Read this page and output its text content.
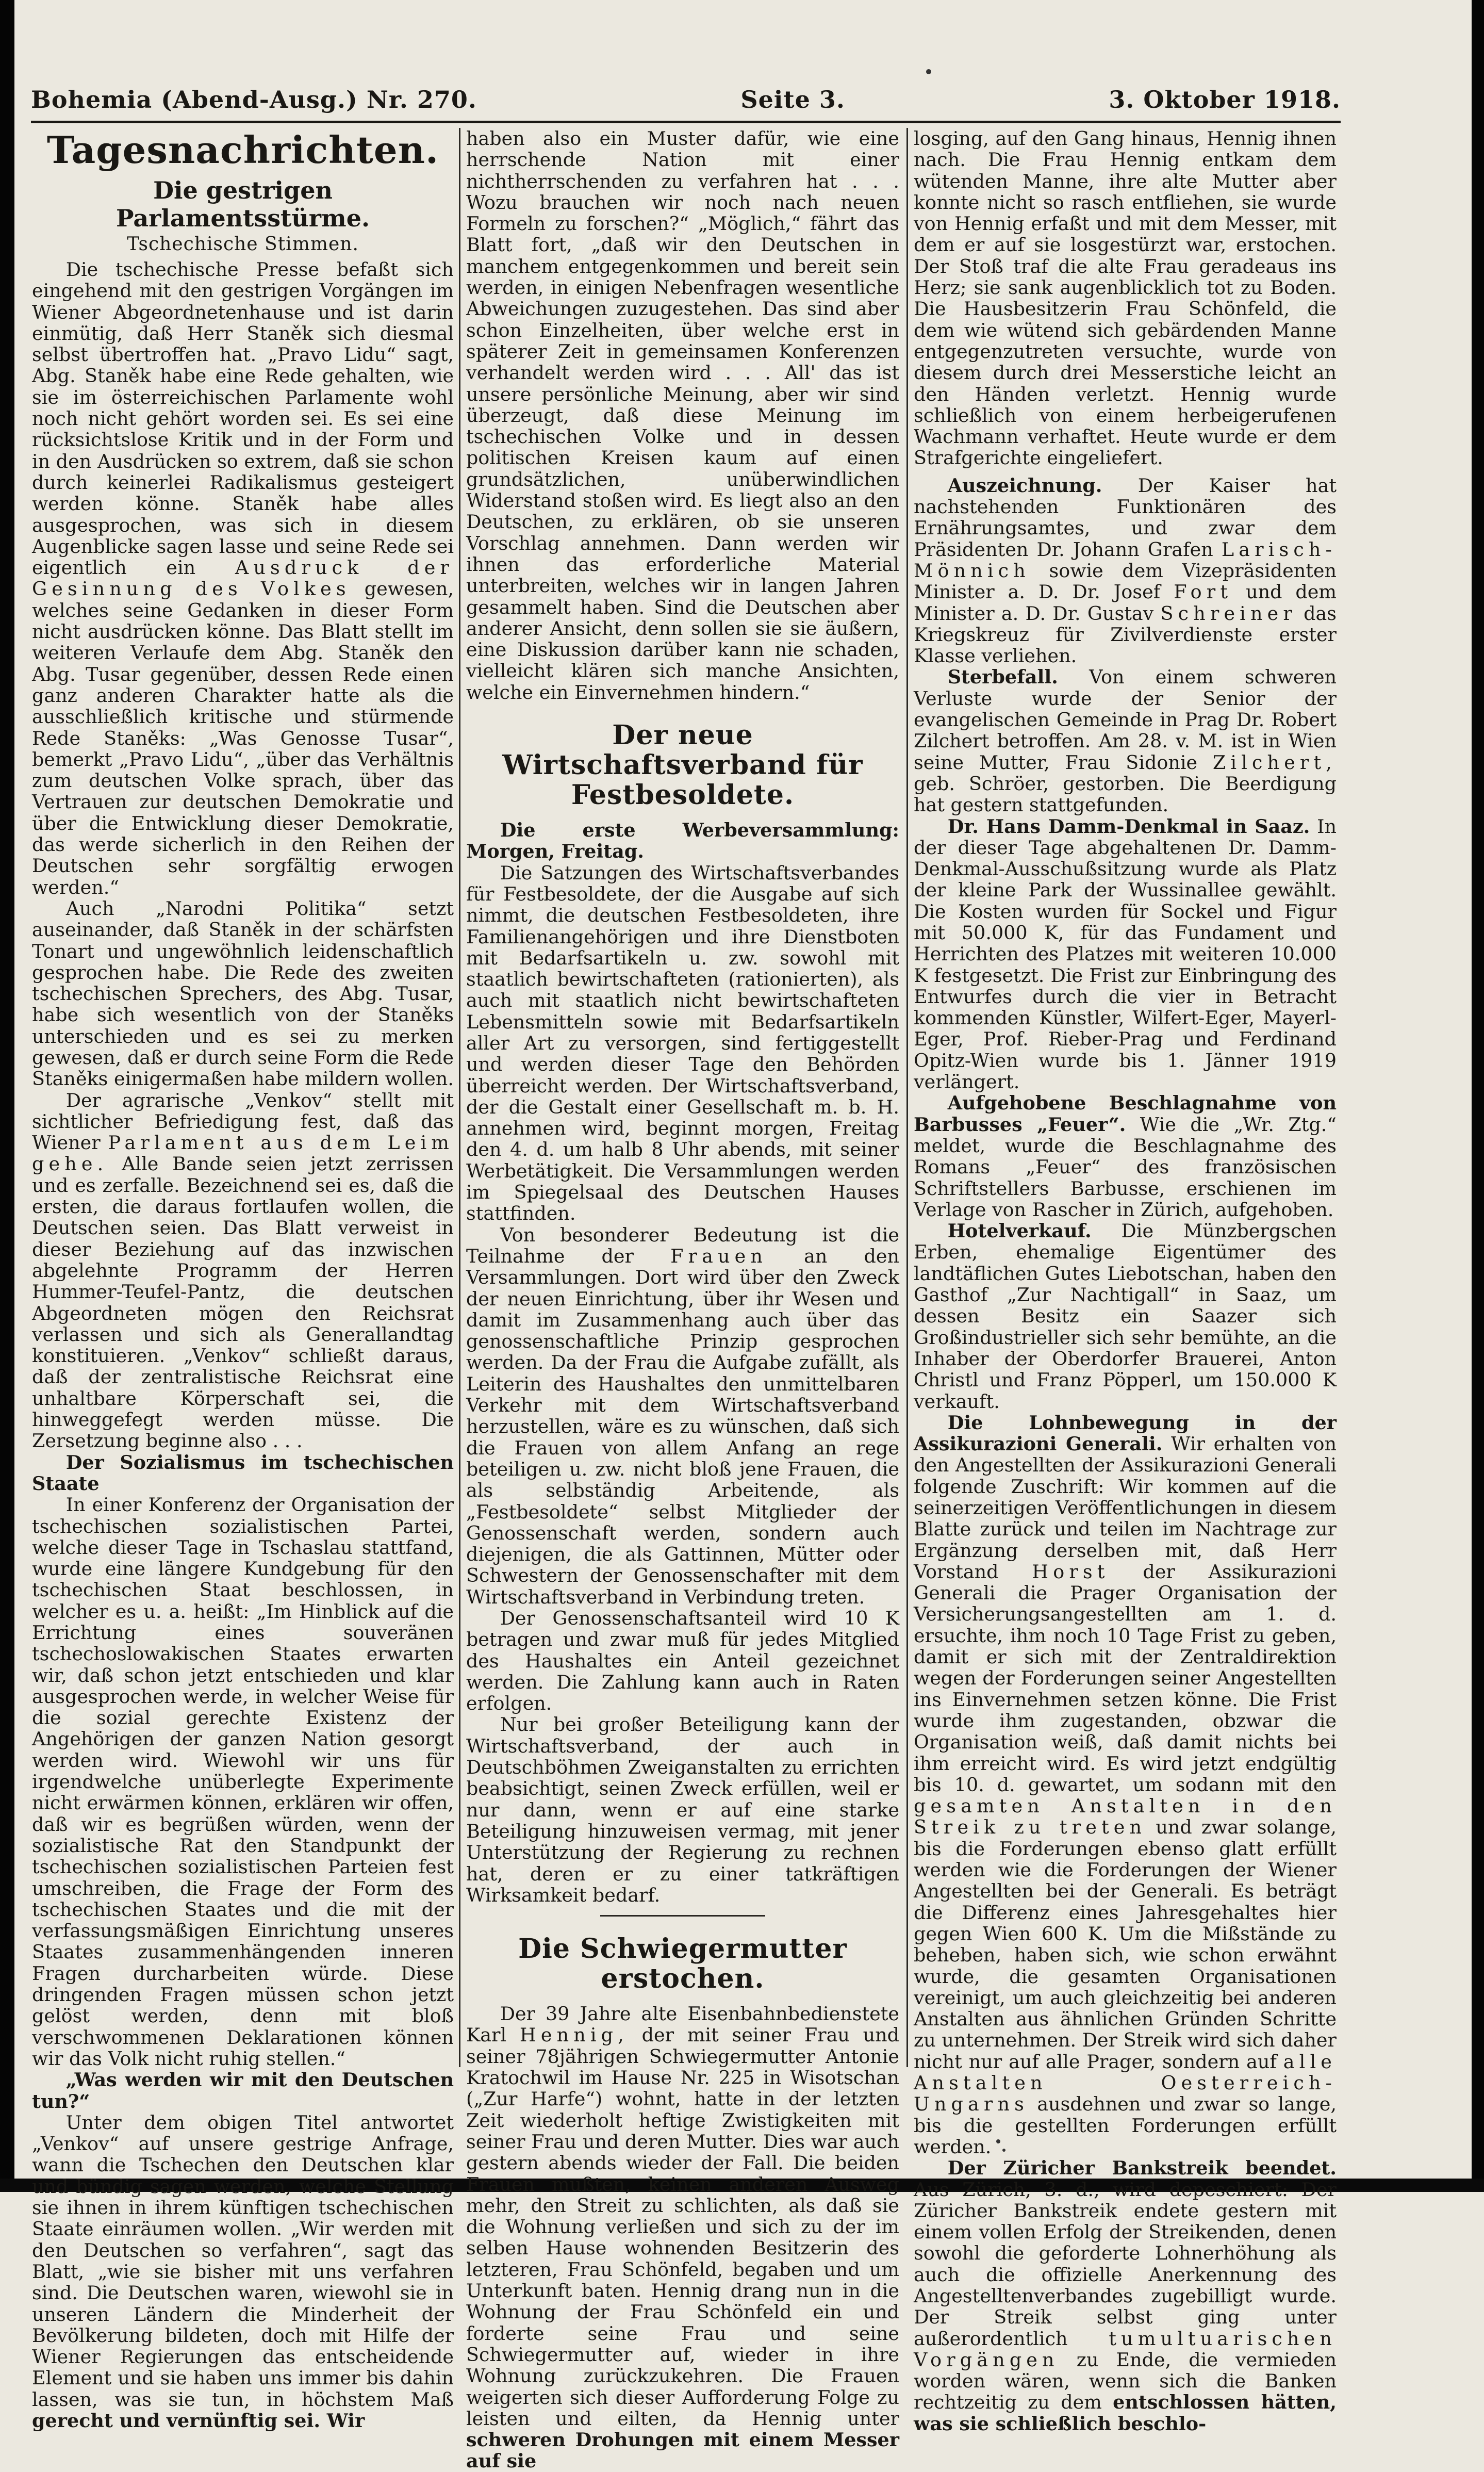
Bohemia (Abend-Ausg.) Nr. 270.	Seite 3.	3. Oktober 1918.
Tagesnachrichten.
Die gestrigen Parlamentsstürme.
Tschechische Stimmen.

Die tschechische Presse befaßt sich eingehend mit den gestrigen Vorgängen im Wiener Abgeordnetenhause und ist darin einmütig, daß Herr Staněk sich diesmal selbst übertroffen hat. „Pravo Lidu“ sagt, Abg. Staněk habe eine Rede gehalten, wie sie im österreichischen Parlamente wohl noch nicht gehört worden sei. Es sei eine rücksichtslose Kritik und in der Form und in den Ausdrücken so extrem, daß sie schon durch keinerlei Radikalismus gesteigert werden könne. Staněk habe alles ausgesprochen, was sich in diesem Augenblicke sagen lasse und seine Rede sei eigentlich ein Ausdruck der Gesinnung des Volkes gewesen, welches seine Gedanken in dieser Form nicht ausdrücken könne. Das Blatt stellt im weiteren Verlaufe dem Abg. Staněk den Abg. Tusar gegenüber, dessen Rede einen ganz anderen Charakter hatte als die ausschließlich kritische und stürmende Rede Staněks: „Was Genosse Tusar“, bemerkt „Pravo Lidu“, „über das Verhältnis zum deutschen Volke sprach, über das Vertrauen zur deutschen Demokratie und über die Entwicklung dieser Demokratie, das werde sicherlich in den Reihen der Deutschen sehr sorgfältig erwogen werden.“

Auch „Narodni Politika“ setzt auseinander, daß Staněk in der schärfsten Tonart und ungewöhnlich leidenschaftlich gesprochen habe. Die Rede des zweiten tschechischen Sprechers, des Abg. Tusar, habe sich wesentlich von der Staněks unterschieden und es sei zu merken gewesen, daß er durch seine Form die Rede Staněks einigermaßen habe mildern wollen.

Der agrarische „Venkov“ stellt mit sichtlicher Befriedigung fest, daß das Wiener Parlament aus dem Leim gehe. Alle Bande seien jetzt zerrissen und es zerfalle. Bezeichnend sei es, daß die ersten, die daraus fortlaufen wollen, die Deutschen seien. Das Blatt verweist in dieser Beziehung auf das inzwischen abgelehnte Programm der Herren Hummer-Teufel-Pantz, die deutschen Abgeordneten mögen den Reichsrat verlassen und sich als Generallandtag konstituieren. „Venkov“ schließt daraus, daß der zentralistische Reichsrat eine unhaltbare Körperschaft sei, die hinweggefegt werden müsse. Die Zersetzung beginne also . . .

Der Sozialismus im tschechischen Staate

In einer Konferenz der Organisation der tschechischen sozialistischen Partei, welche dieser Tage in Tschaslau stattfand, wurde eine längere Kundgebung für den tschechischen Staat beschlossen, in welcher es u. a. heißt: „Im Hinblick auf die Errichtung eines souveränen tschechoslowakischen Staates erwarten wir, daß schon jetzt entschieden und klar ausgesprochen werde, in welcher Weise für die sozial gerechte Existenz der Angehörigen der ganzen Nation gesorgt werden wird. Wiewohl wir uns für irgendwelche unüberlegte Experimente nicht erwärmen können, erklären wir offen, daß wir es begrüßen würden, wenn der sozialistische Rat den Standpunkt der tschechischen sozialistischen Parteien fest umschreiben, die Frage der Form des tschechischen Staates und die mit der verfassungsmäßigen Einrichtung unseres Staates zusammenhängenden inneren Fragen durcharbeiten würde. Diese dringenden Fragen müssen schon jetzt gelöst werden, denn mit bloß verschwommenen Deklarationen können wir das Volk nicht ruhig stellen.“

„Was werden wir mit den Deutschen tun?“

Unter dem obigen Titel antwortet „Venkov“ auf unsere gestrige Anfrage, wann die Tschechen den Deutschen klar und bündig sagen werden, welche Stellung sie ihnen in ihrem künftigen tschechischen Staate einräumen wollen. „Wir werden mit den Deutschen so verfahren“, sagt das Blatt, „wie sie bisher mit uns verfahren sind. Die Deutschen waren, wiewohl sie in unseren Ländern die Minderheit der Bevölkerung bildeten, doch mit Hilfe der Wiener Regierungen das entscheidende Element und sie haben uns immer bis dahin lassen, was sie tun, in höchstem Maß gerecht und vernünftig sei. Wir

haben also ein Muster dafür, wie eine herrschende Nation mit einer nichtherrschenden zu verfahren hat . . . Wozu brauchen wir noch nach neuen Formeln zu forschen?“ „Möglich,“ fährt das Blatt fort, „daß wir den Deutschen in manchem entgegenkommen und bereit sein werden, in einigen Nebenfragen wesentliche Abweichungen zuzugestehen. Das sind aber schon Einzelheiten, über welche erst in späterer Zeit in gemeinsamen Konferenzen verhandelt werden wird . . . All' das ist unsere persönliche Meinung, aber wir sind überzeugt, daß diese Meinung im tschechischen Volke und in dessen politischen Kreisen kaum auf einen grundsätzlichen, unüberwindlichen Widerstand stoßen wird. Es liegt also an den Deutschen, zu erklären, ob sie unseren Vorschlag annehmen. Dann werden wir ihnen das erforderliche Material unterbreiten, welches wir in langen Jahren gesammelt haben. Sind die Deutschen aber anderer Ansicht, denn sollen sie sie äußern, eine Diskussion darüber kann nie schaden, vielleicht klären sich manche Ansichten, welche ein Einvernehmen hindern.“

Der neue Wirtschaftsverband für Festbesoldete.

Die erste Werbeversammlung: Morgen, Freitag.

Die Satzungen des Wirtschaftsverbandes für Festbesoldete, der die Ausgabe auf sich nimmt, die deutschen Festbesoldeten, ihre Familienangehörigen und ihre Dienstboten mit Bedarfsartikeln u. zw. sowohl mit staatlich bewirtschafteten (rationierten), als auch mit staatlich nicht bewirtschafteten Lebensmitteln sowie mit Bedarfsartikeln aller Art zu versorgen, sind fertiggestellt und werden dieser Tage den Behörden überreicht werden. Der Wirtschaftsverband, der die Gestalt einer Gesellschaft m. b. H. annehmen wird, beginnt morgen, Freitag den 4. d. um halb 8 Uhr abends, mit seiner Werbetätigkeit. Die Versammlungen werden im Spiegelsaal des Deutschen Hauses stattfinden.

Von besonderer Bedeutung ist die Teilnahme der Frauen an den Versammlungen. Dort wird über den Zweck der neuen Einrichtung, über ihr Wesen und damit im Zusammenhang auch über das genossenschaftliche Prinzip gesprochen werden. Da der Frau die Aufgabe zufällt, als Leiterin des Haushaltes den unmittelbaren Verkehr mit dem Wirtschaftsverband herzustellen, wäre es zu wünschen, daß sich die Frauen von allem Anfang an rege beteiligen u. zw. nicht bloß jene Frauen, die als selbständig Arbeitende, als „Festbesoldete“ selbst Mitglieder der Genossenschaft werden, sondern auch diejenigen, die als Gattinnen, Mütter oder Schwestern der Genossenschafter mit dem Wirtschaftsverband in Verbindung treten.

Der Genossenschaftsanteil wird 10 K betragen und zwar muß für jedes Mitglied des Haushaltes ein Anteil gezeichnet werden. Die Zahlung kann auch in Raten erfolgen.

Nur bei großer Beteiligung kann der Wirtschaftsverband, der auch in Deutschböhmen Zweiganstalten zu errichten beabsichtigt, seinen Zweck erfüllen, weil er nur dann, wenn er auf eine starke Beteiligung hinzuweisen vermag, mit jener Unterstützung der Regierung zu rechnen hat, deren er zu einer tatkräftigen Wirksamkeit bedarf.

Die Schwiegermutter erstochen.

Der 39 Jahre alte Eisenbahnbedienstete Karl Hennig, der mit seiner Frau und seiner 78jährigen Schwiegermutter Antonie Kratochwil im Hause Nr. 225 in Wisotschan („Zur Harfe“) wohnt, hatte in der letzten Zeit wiederholt heftige Zwistigkeiten mit seiner Frau und deren Mutter. Dies war auch gestern abends wieder der Fall. Die beiden Frauen mußten, keinen anderen Ausweg mehr, den Streit zu schlichten, als daß sie die Wohnung verließen und sich zu der im selben Hause wohnenden Besitzerin des letzteren, Frau Schönfeld, begaben und um Unterkunft baten. Hennig drang nun in die Wohnung der Frau Schönfeld ein und forderte seine Frau und seine Schwiegermutter auf, wieder in ihre Wohnung zurückzukehren. Die Frauen weigerten sich dieser Aufforderung Folge zu leisten und eilten, da Hennig unter schweren Drohungen mit einem Messer auf sie

losging, auf den Gang hinaus, Hennig ihnen nach. Die Frau Hennig entkam dem wütenden Manne, ihre alte Mutter aber konnte nicht so rasch entfliehen, sie wurde von Hennig erfaßt und mit dem Messer, mit dem er auf sie losgestürzt war, erstochen. Der Stoß traf die alte Frau geradeaus ins Herz; sie sank augenblicklich tot zu Boden. Die Hausbesitzerin Frau Schönfeld, die dem wie wütend sich gebärdenden Manne entgegenzutreten versuchte, wurde von diesem durch drei Messerstiche leicht an den Händen verletzt. Hennig wurde schließlich von einem herbeigerufenen Wachmann verhaftet. Heute wurde er dem Strafgerichte eingeliefert.

Auszeichnung. Der Kaiser hat nachstehenden Funktionären des Ernährungsamtes, und zwar dem Präsidenten Dr. Johann Grafen Larisch-Mönnich sowie dem Vizepräsidenten Minister a. D. Dr. Josef Fort und dem Minister a. D. Dr. Gustav Schreiner das Kriegskreuz für Zivilverdienste erster Klasse verliehen.

Sterbefall. Von einem schweren Verluste wurde der Senior der evangelischen Gemeinde in Prag Dr. Robert Zilchert betroffen. Am 28. v. M. ist in Wien seine Mutter, Frau Sidonie Zilchert, geb. Schröer, gestorben. Die Beerdigung hat gestern stattgefunden.

Dr. Hans Damm-Denkmal in Saaz. In der dieser Tage abgehaltenen Dr. Damm-Denkmal-Ausschußsitzung wurde als Platz der kleine Park der Wussinallee gewählt. Die Kosten wurden für Sockel und Figur mit 50.000 K, für das Fundament und Herrichten des Platzes mit weiteren 10.000 K festgesetzt. Die Frist zur Einbringung des Entwurfes durch die vier in Betracht kommenden Künstler, Wilfert-Eger, Mayerl-Eger, Prof. Rieber-Prag und Ferdinand Opitz-Wien wurde bis 1. Jänner 1919 verlängert.

Aufgehobene Beschlagnahme von Barbusses „Feuer“. Wie die „Wr. Ztg.“ meldet, wurde die Beschlagnahme des Romans „Feuer“ des französischen Schriftstellers Barbusse, erschienen im Verlage von Rascher in Zürich, aufgehoben.

Hotelverkauf. Die Münzbergschen Erben, ehemalige Eigentümer des landtäflichen Gutes Liebotschan, haben den Gasthof „Zur Nachtigall“ in Saaz, um dessen Besitz ein Saazer sich Großindustrieller sich sehr bemühte, an die Inhaber der Oberdorfer Brauerei, Anton Christl und Franz Pöpperl, um 150.000 K verkauft.

Die Lohnbewegung in der Assikurazioni Generali. Wir erhalten von den Angestellten der Assikurazioni Generali folgende Zuschrift: Wir kommen auf die seinerzeitigen Veröffentlichungen in diesem Blatte zurück und teilen im Nachtrage zur Ergänzung derselben mit, daß Herr Vorstand Horst der Assikurazioni Generali die Prager Organisation der Versicherungsangestellten am 1. d. ersuchte, ihm noch 10 Tage Frist zu geben, damit er sich mit der Zentraldirektion wegen der Forderungen seiner Angestellten ins Einvernehmen setzen könne. Die Frist wurde ihm zugestanden, obzwar die Organisation weiß, daß damit nichts bei ihm erreicht wird. Es wird jetzt endgültig bis 10. d. gewartet, um sodann mit den gesamten Anstalten in den Streik zu treten und zwar solange, bis die Forderungen ebenso glatt erfüllt werden wie die Forderungen der Wiener Angestellten bei der Generali. Es beträgt die Differenz eines Jahresgehaltes hier gegen Wien 600 K. Um die Mißstände zu beheben, haben sich, wie schon erwähnt wurde, die gesamten Organisationen vereinigt, um auch gleichzeitig bei anderen Anstalten aus ähnlichen Gründen Schritte zu unternehmen. Der Streik wird sich daher nicht nur auf alle Prager, sondern auf alle Anstalten Oesterreich-Ungarns ausdehnen und zwar so lange, bis die gestellten Forderungen erfüllt werden.

Der Züricher Bankstreik beendet. Aus Zürich, 3. d., wird depeschiert: Der Züricher Bankstreik endete gestern mit einem vollen Erfolg der Streikenden, denen sowohl die geforderte Lohnerhöhung als auch die offizielle Anerkennung des Angestelltenverbandes zugebilligt wurde. Der Streik selbst ging unter außerordentlich tumultuarischen Vorgängen zu Ende, die vermieden worden wären, wenn sich die Banken rechtzeitig zu dem entschlossen hätten, was sie schließlich beschlo-
